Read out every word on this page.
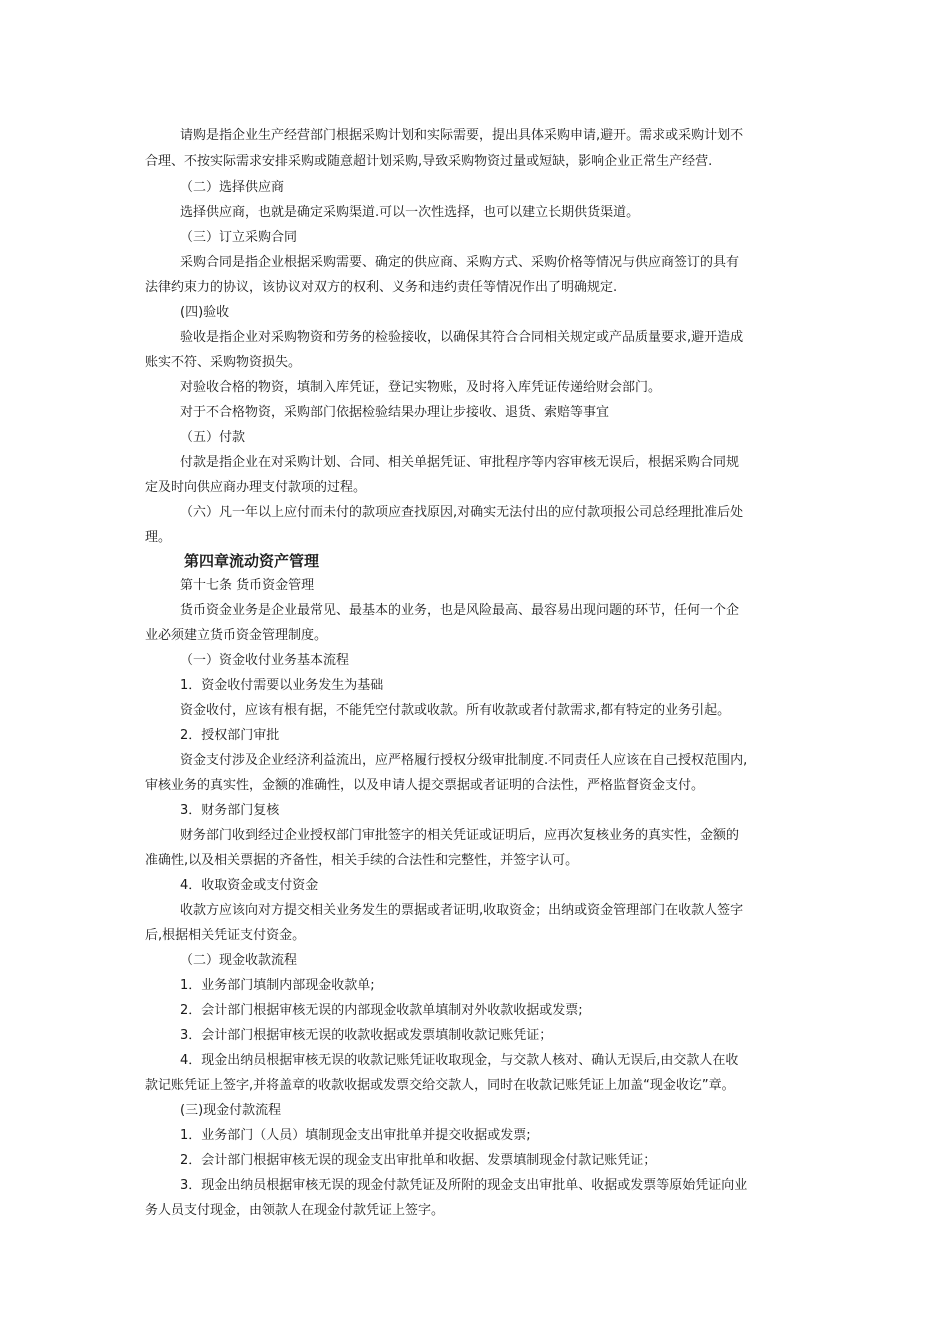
请购是指企业生产经营部门根据采购计划和实际需要，提出具体采购申请,避开。需求或采购计划不

合理、不按实际需求安排采购或随意超计划采购,导致采购物资过量或短缺，影响企业正常生产经营.

（二）选择供应商

选择供应商，也就是确定采购渠道.可以一次性选择，也可以建立长期供货渠道。

（三）订立采购合同

采购合同是指企业根据采购需要、确定的供应商、采购方式、采购价格等情况与供应商签订的具有

法律约束力的协议，该协议对双方的权利、义务和违约责任等情况作出了明确规定.

(四)验收

验收是指企业对采购物资和劳务的检验接收，以确保其符合合同相关规定或产品质量要求,避开造成

账实不符、采购物资损失。

对验收合格的物资，填制入库凭证，登记实物账，及时将入库凭证传递给财会部门。

对于不合格物资，采购部门依据检验结果办理让步接收、退货、索赔等事宜

（五）付款

付款是指企业在对采购计划、合同、相关单据凭证、审批程序等内容审核无误后，根据采购合同规

定及时向供应商办理支付款项的过程。

（六）凡一年以上应付而未付的款项应查找原因,对确实无法付出的应付款项报公司总经理批准后处

理。

第四章流动资产管理

第十七条 货币资金管理

货币资金业务是企业最常见、最基本的业务，也是风险最高、最容易出现问题的环节，任何一个企

业必须建立货币资金管理制度。

（一）资金收付业务基本流程

1．资金收付需要以业务发生为基础

资金收付，应该有根有据，不能凭空付款或收款。所有收款或者付款需求,都有特定的业务引起。

2．授权部门审批

资金支付涉及企业经济利益流出，应严格履行授权分级审批制度.不同责任人应该在自己授权范围内,

审核业务的真实性，金额的准确性，以及申请人提交票据或者证明的合法性，严格监督资金支付。

3．财务部门复核

财务部门收到经过企业授权部门审批签字的相关凭证或证明后，应再次复核业务的真实性，金额的

准确性,以及相关票据的齐备性，相关手续的合法性和完整性，并签字认可。

4．收取资金或支付资金

收款方应该向对方提交相关业务发生的票据或者证明,收取资金；出纳或资金管理部门在收款人签字

后,根据相关凭证支付资金。

（二）现金收款流程

1．业务部门填制内部现金收款单;

2．会计部门根据审核无误的内部现金收款单填制对外收款收据或发票;

3．会计部门根据审核无误的收款收据或发票填制收款记账凭证；

4．现金出纳员根据审核无误的收款记账凭证收取现金，与交款人核对、确认无误后,由交款人在收

款记账凭证上签字,并将盖章的收款收据或发票交给交款人，同时在收款记账凭证上加盖“现金收讫”章。

(三)现金付款流程

1．业务部门（人员）填制现金支出审批单并提交收据或发票;

2．会计部门根据审核无误的现金支出审批单和收据、发票填制现金付款记账凭证；

3．现金出纳员根据审核无误的现金付款凭证及所附的现金支出审批单、收据或发票等原始凭证向业

务人员支付现金，由领款人在现金付款凭证上签字。
